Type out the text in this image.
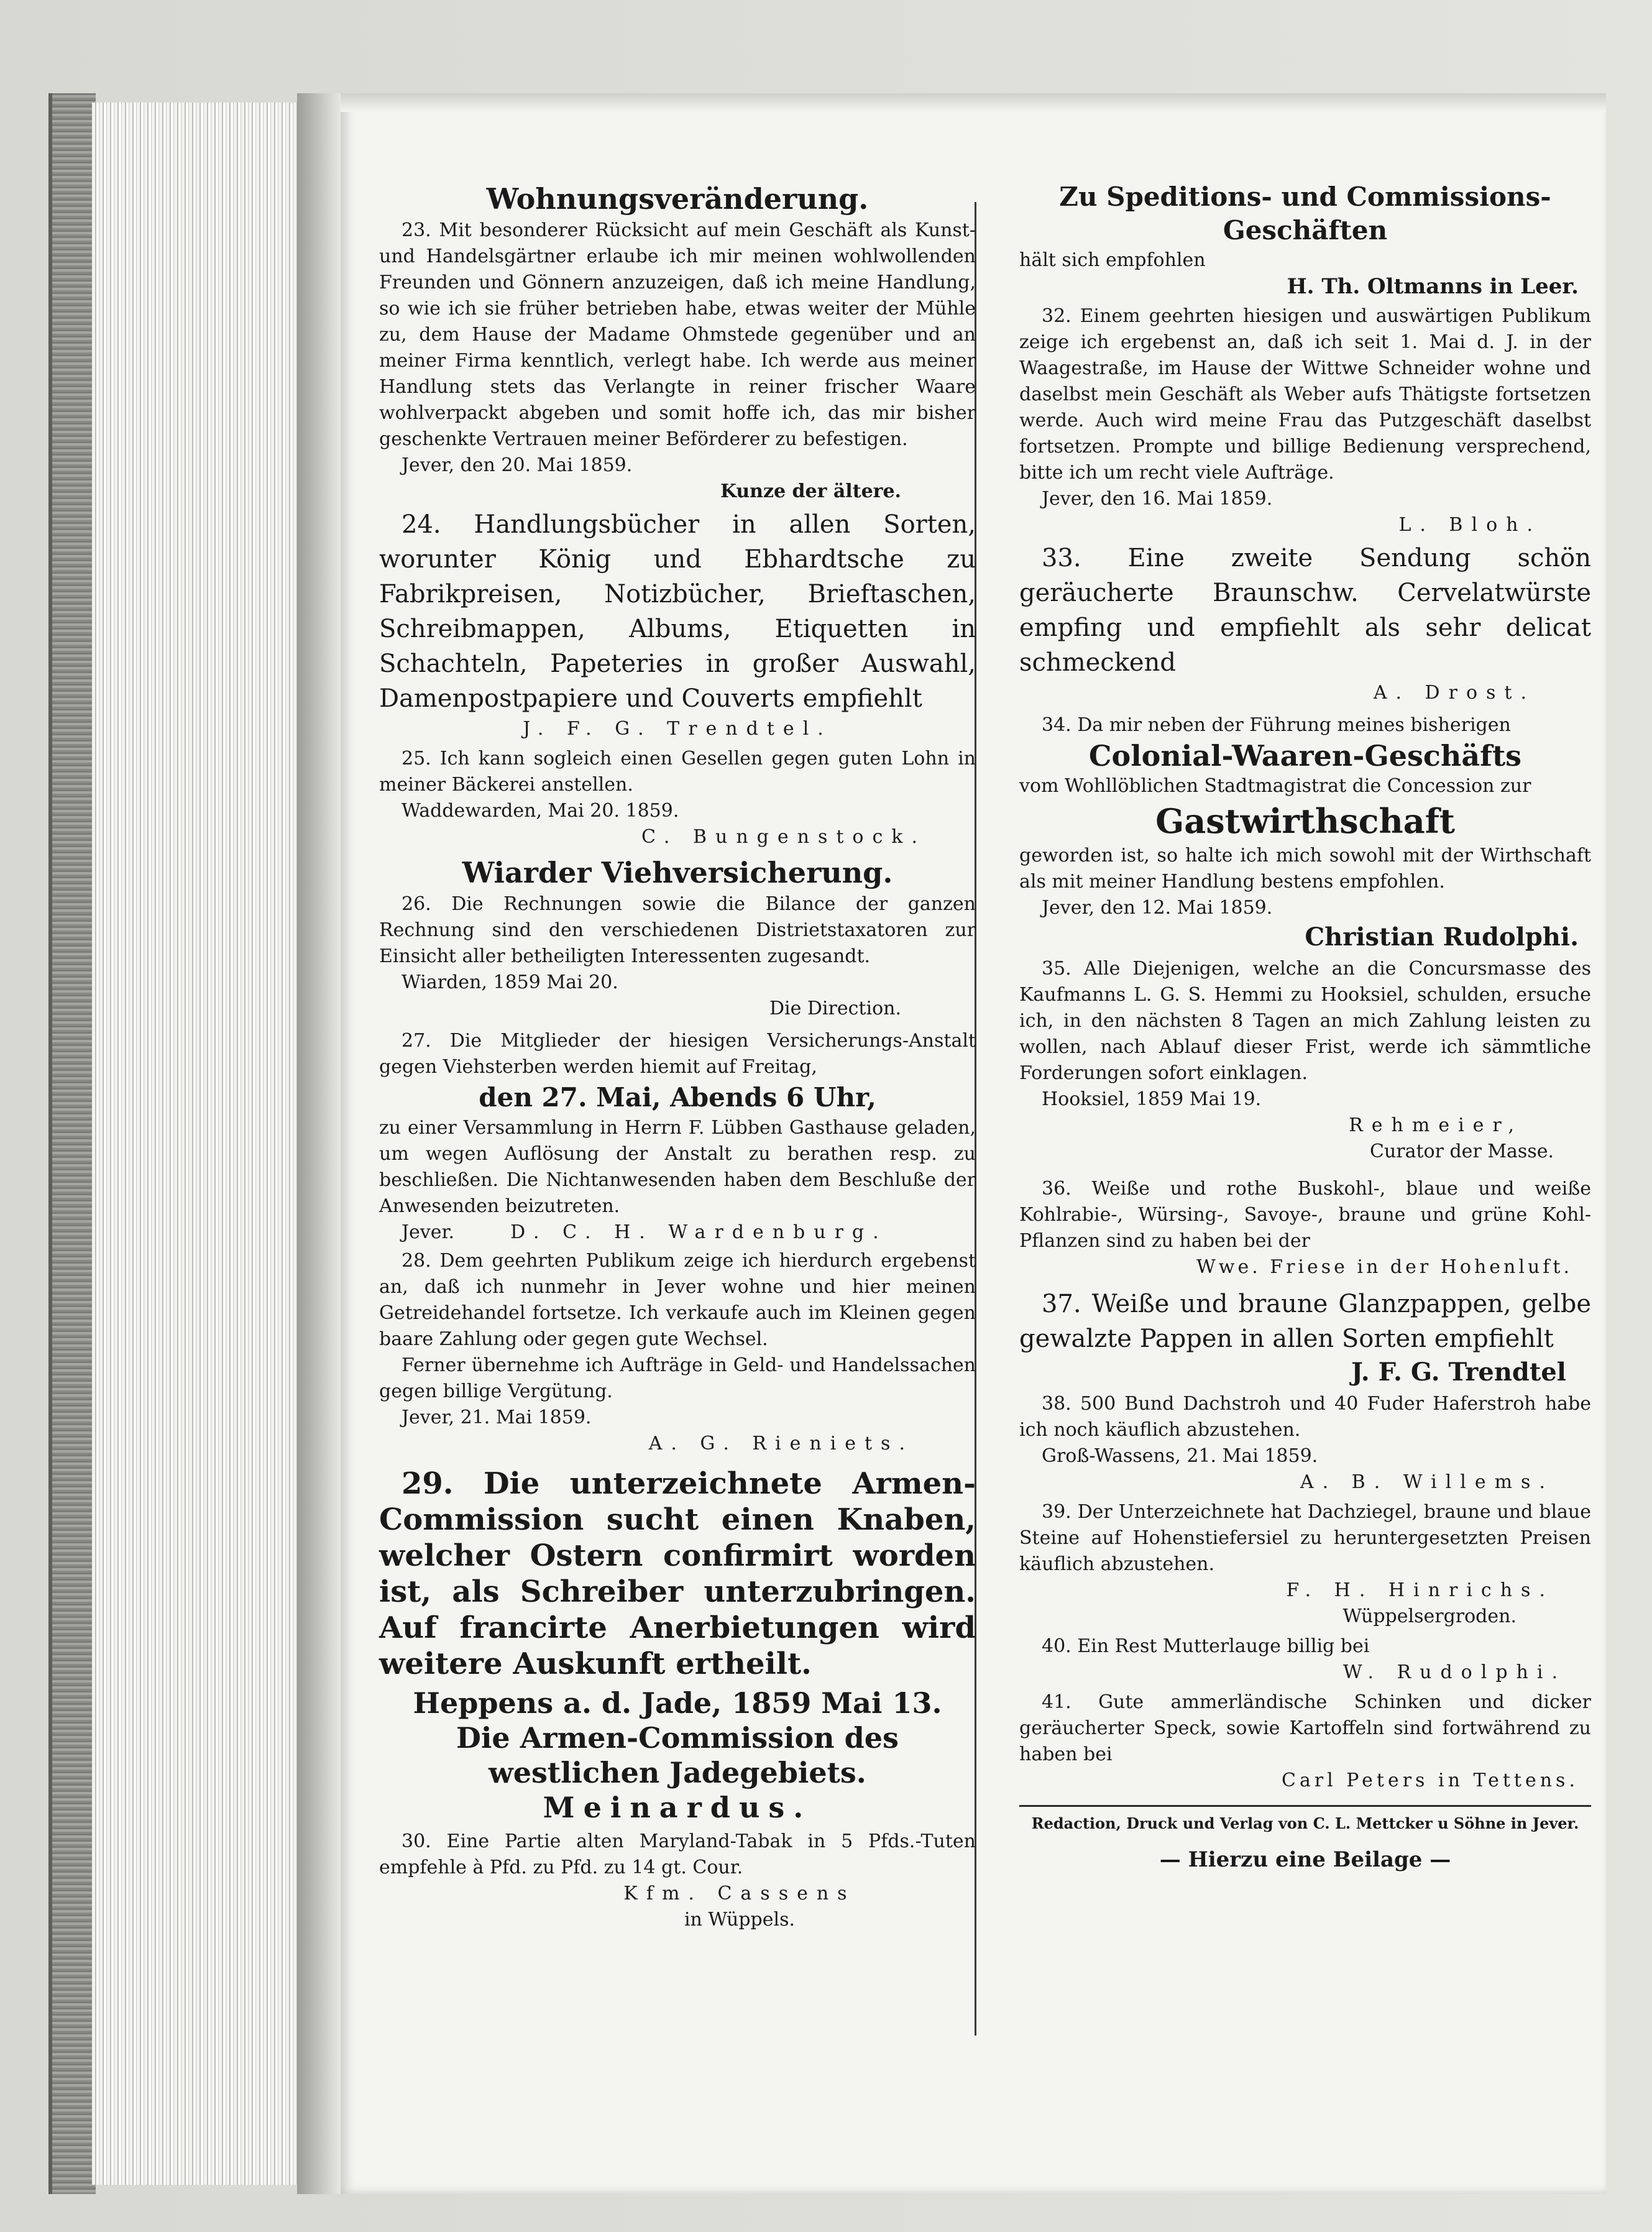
Wohnungsveränderung.

23. Mit besonderer Rücksicht auf mein Geschäft als Kunst- und Handelsgärtner erlaube ich mir meinen wohlwollenden Freunden und Gönnern anzuzeigen, daß ich meine Handlung, so wie ich sie früher betrieben habe, etwas weiter der Mühle zu, dem Hause der Madame Ohmstede gegenüber und an meiner Firma kenntlich, verlegt habe. Ich werde aus meiner Handlung stets das Verlangte in reiner frischer Waare wohlverpackt abgeben und somit hoffe ich, das mir bisher geschenkte Vertrauen meiner Beförderer zu befestigen.
Jever, den 20. Mai 1859.
Kunze der ältere.
24. Handlungsbücher in allen Sorten, worunter König und Ebhardtsche zu Fabrikpreisen, Notizbücher, Brieftaschen, Schreibmappen, Albums, Etiquetten in Schachteln, Papeteries in großer Auswahl, Damenpostpapiere und Couverts empfiehlt
J. F. G. Trendtel.
25. Ich kann sogleich einen Gesellen gegen guten Lohn in meiner Bäckerei anstellen.
Waddewarden, Mai 20. 1859.
C. Bungenstock.

Wiarder Viehversicherung.

26. Die Rechnungen sowie die Bilance der ganzen Rechnung sind den verschiedenen Distrietstaxatoren zur Einsicht aller betheiligten Interessenten zugesandt.
Wiarden, 1859 Mai 20.
Die Direction.
27. Die Mitglieder der hiesigen Versicherungs-Anstalt gegen Viehsterben werden hiemit auf Freitag,
den 27. Mai, Abends 6 Uhr,
zu einer Versammlung in Herrn F. Lübben Gasthause geladen, um wegen Auflösung der Anstalt zu berathen resp. zu beschließen. Die Nichtanwesenden haben dem Beschluße der Anwesenden beizutreten.
Jever.	D. C. H. Wardenburg.
28. Dem geehrten Publikum zeige ich hierdurch ergebenst an, daß ich nunmehr in Jever wohne und hier meinen Getreidehandel fortsetze. Ich verkaufe auch im Kleinen gegen baare Zahlung oder gegen gute Wechsel.
Ferner übernehme ich Aufträge in Geld- und Handelssachen gegen billige Vergütung.
Jever, 21. Mai 1859.
A. G. Rieniets.
29. Die unterzeichnete Armen-Commission sucht einen Knaben, welcher Ostern confirmirt worden ist, als Schreiber unterzubringen. Auf francirte Anerbietungen wird weitere Auskunft ertheilt.
Heppens a. d. Jade, 1859 Mai 13.
Die Armen-Commission des westlichen Jadegebiets.
Meinardus.
30. Eine Partie alten Maryland-Tabak in 5 Pfds.-Tuten empfehle à Pfd. zu Pfd. zu 14 gt. Cour.
Kfm. Cassens
in Wüppels.

Zu Speditions- und Commissions-Geschäften

hält sich empfohlen
H. Th. Oltmanns in Leer.
32. Einem geehrten hiesigen und auswärtigen Publikum zeige ich ergebenst an, daß ich seit 1. Mai d. J. in der Waagestraße, im Hause der Wittwe Schneider wohne und daselbst mein Geschäft als Weber aufs Thätigste fortsetzen werde. Auch wird meine Frau das Putzgeschäft daselbst fortsetzen. Prompte und billige Bedienung versprechend, bitte ich um recht viele Aufträge.
Jever, den 16. Mai 1859.
L. Bloh.
33. Eine zweite Sendung schön geräucherte Braunschw. Cervelatwürste empfing und empfiehlt als sehr delicat schmeckend
A. Drost.
34. Da mir neben der Führung meines bisherigen
Colonial-Waaren-Geschäfts
vom Wohllöblichen Stadtmagistrat die Concession zur
Gastwirthschaft
geworden ist, so halte ich mich sowohl mit der Wirthschaft als mit meiner Handlung bestens empfohlen.
Jever, den 12. Mai 1859.
Christian Rudolphi.
35. Alle Diejenigen, welche an die Concursmasse des Kaufmanns L. G. S. Hemmi zu Hooksiel, schulden, ersuche ich, in den nächsten 8 Tagen an mich Zahlung leisten zu wollen, nach Ablauf dieser Frist, werde ich sämmtliche Forderungen sofort einklagen.
Hooksiel, 1859 Mai 19.
Rehmeier,
Curator der Masse.
36. Weiße und rothe Buskohl-, blaue und weiße Kohlrabie-, Würsing-, Savoye-, braune und grüne Kohl-Pflanzen sind zu haben bei der
Wwe. Friese in der Hohenluft.
37. Weiße und braune Glanzpappen, gelbe gewalzte Pappen in allen Sorten empfiehlt
J. F. G. Trendtel
38. 500 Bund Dachstroh und 40 Fuder Haferstroh habe ich noch käuflich abzustehen.
Groß-Wassens, 21. Mai 1859.
A. B. Willems.
39. Der Unterzeichnete hat Dachziegel, braune und blaue Steine auf Hohenstiefersiel zu heruntergesetzten Preisen käuflich abzustehen.
F. H. Hinrichs.
Wüppelsergroden.
40. Ein Rest Mutterlauge billig bei
W. Rudolphi.
41. Gute ammerländische Schinken und dicker geräucherter Speck, sowie Kartoffeln sind fortwährend zu haben bei
Carl Peters in Tettens.
Redaction, Druck und Verlag von C. L. Mettcker u Söhne in Jever.
— Hierzu eine Beilage —
